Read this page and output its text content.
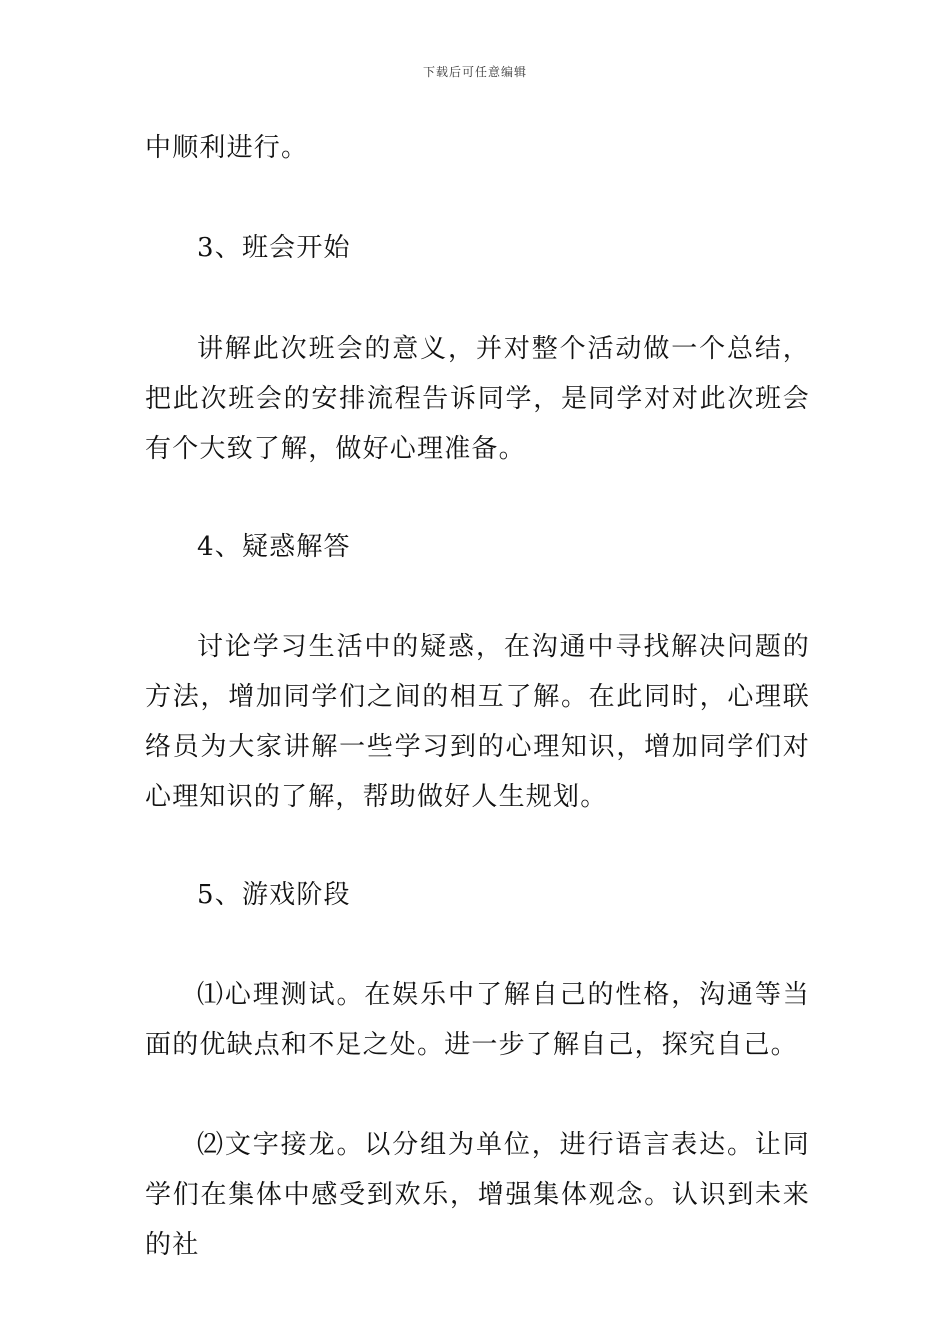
下载后可任意编辑

中顺利进行。

3、班会开始

讲解此次班会的意义，并对整个活动做一个总结，把此次班会的安排流程告诉同学，是同学对对此次班会有个大致了解，做好心理准备。

4、疑惑解答

讨论学习生活中的疑惑，在沟通中寻找解决问题的方法，增加同学们之间的相互了解。在此同时，心理联络员为大家讲解一些学习到的心理知识，增加同学们对心理知识的了解，帮助做好人生规划。

5、游戏阶段

⑴心理测试。在娱乐中了解自己的性格，沟通等当面的优缺点和不足之处。进一步了解自己，探究自己。

⑵文字接龙。以分组为单位，进行语言表达。让同学们在集体中感受到欢乐，增强集体观念。认识到未来的社
